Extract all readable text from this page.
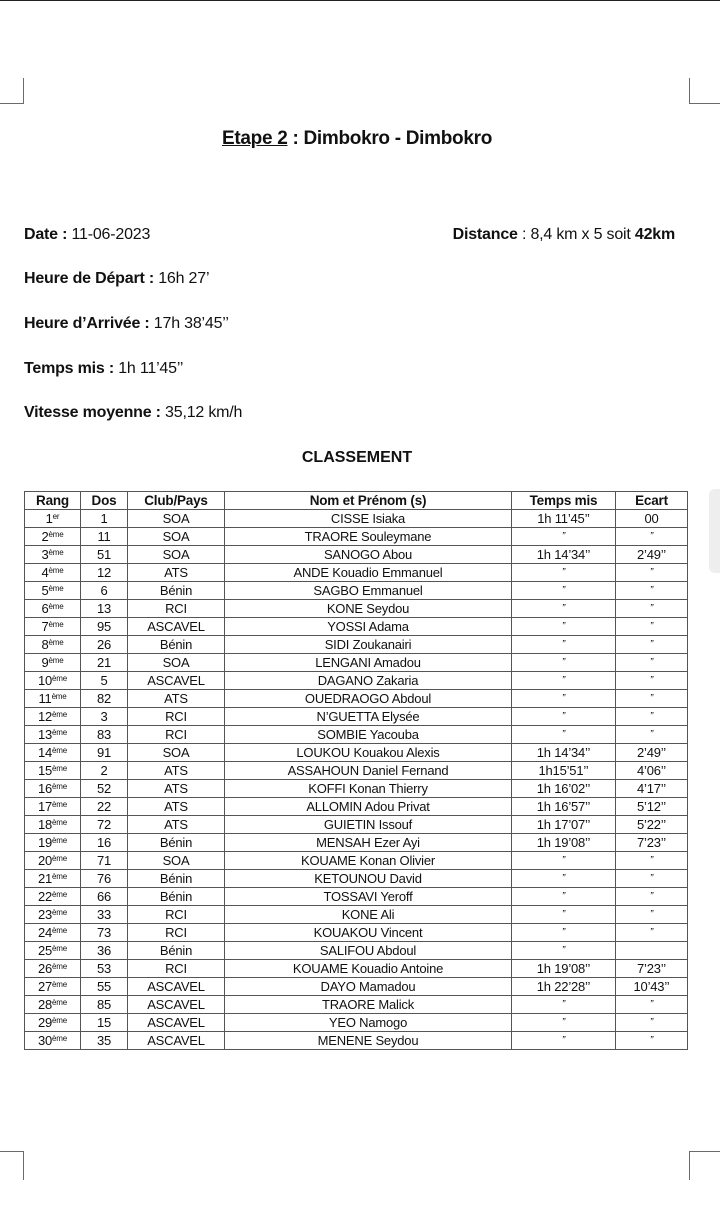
Etape 2 : Dimbokro - Dimbokro
Date : 11-06-2023	Distance : 8,4 km x 5 soit 42km
Heure de Départ : 16h 27’
Heure d’Arrivée : 17h 38’45’’
Temps mis : 1h 11’45’’
Vitesse moyenne : 35,12 km/h
CLASSEMENT
Rang	Dos	Club/Pays	Nom et Prénom (s)	Temps mis	Ecart
1er	1	SOA	CISSE Isiaka	1h 11’45’’	00
2ème	11	SOA	TRAORE Souleymane	”	”
3ème	51	SOA	SANOGO Abou	1h 14’34’’	2’49’’
4ème	12	ATS	ANDE Kouadio Emmanuel	”	”
5ème	6	Bénin	SAGBO Emmanuel	”	”
6ème	13	RCI	KONE Seydou	”	”
7ème	95	ASCAVEL	YOSSI Adama	”	”
8ème	26	Bénin	SIDI Zoukanairi	”	”
9ème	21	SOA	LENGANI Amadou	”	”
10ème	5	ASCAVEL	DAGANO Zakaria	”	”
11ème	82	ATS	OUEDRAOGO Abdoul	”	”
12ème	3	RCI	N’GUETTA Elysée	”	”
13ème	83	RCI	SOMBIE Yacouba	”	”
14ème	91	SOA	LOUKOU Kouakou Alexis	1h 14’34’’	2’49’’
15ème	2	ATS	ASSAHOUN Daniel Fernand	1h15’51’’	4’06’’
16ème	52	ATS	KOFFI Konan Thierry	1h 16’02’’	4’17’’
17ème	22	ATS	ALLOMIN Adou Privat	1h 16’57’’	5’12’’
18ème	72	ATS	GUIETIN Issouf	1h 17’07’’	5’22’’
19ème	16	Bénin	MENSAH Ezer Ayi	1h 19’08’’	7’23’’
20ème	71	SOA	KOUAME Konan Olivier	”	”
21ème	76	Bénin	KETOUNOU David	”	”
22ème	66	Bénin	TOSSAVI Yeroff	”	”
23ème	33	RCI	KONE Ali	”	”
24ème	73	RCI	KOUAKOU Vincent	”	”
25ème	36	Bénin	SALIFOU Abdoul	”	
26ème	53	RCI	KOUAME Kouadio Antoine	1h 19’08’’	7’23’’
27ème	55	ASCAVEL	DAYO Mamadou	1h 22’28’’	10’43’’
28ème	85	ASCAVEL	TRAORE Malick	”	”
29ème	15	ASCAVEL	YEO Namogo	”	”
30ème	35	ASCAVEL	MENENE Seydou	”	”
